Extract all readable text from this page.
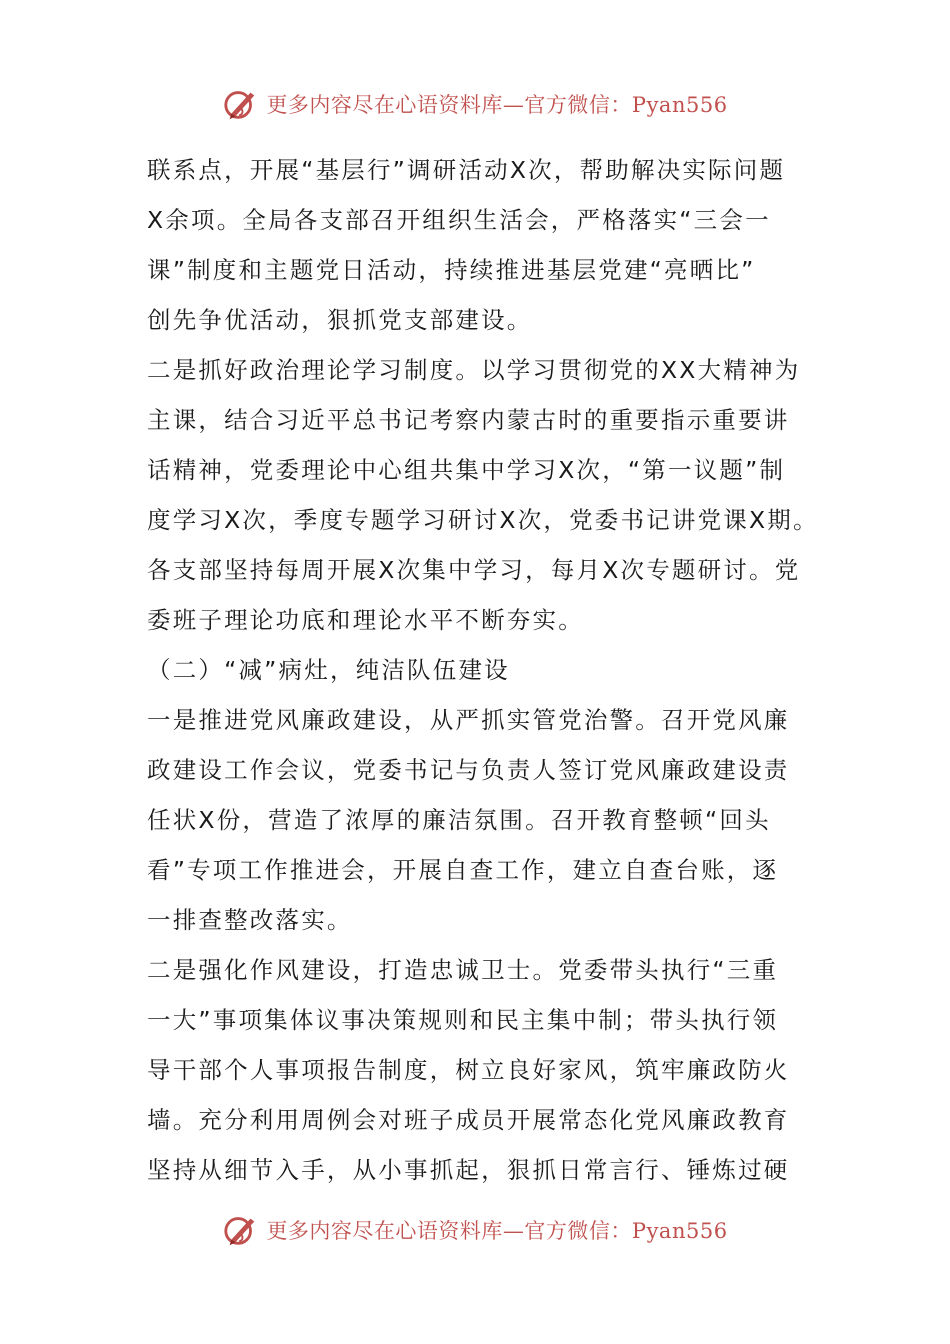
更多内容尽在心语资料库—官方微信：Pyan556
联系点，开展“基层行”调研活动X次，帮助解决实际问题
X余项。全局各支部召开组织生活会，严格落实“三会一
课”制度和主题党日活动，持续推进基层党建“亮晒比”
创先争优活动，狠抓党支部建设。
二是抓好政治理论学习制度。以学习贯彻党的XX大精神为
主课，结合习近平总书记考察内蒙古时的重要指示重要讲
话精神，党委理论中心组共集中学习X次，“第一议题”制
度学习X次，季度专题学习研讨X次，党委书记讲党课X期。
各支部坚持每周开展X次集中学习，每月X次专题研讨。党
委班子理论功底和理论水平不断夯实。
（二）“减”病灶，纯洁队伍建设
一是推进党风廉政建设，从严抓实管党治警。召开党风廉
政建设工作会议，党委书记与负责人签订党风廉政建设责
任状X份，营造了浓厚的廉洁氛围。召开教育整顿“回头
看”专项工作推进会，开展自查工作，建立自查台账，逐
一排查整改落实。
二是强化作风建设，打造忠诚卫士。党委带头执行“三重
一大”事项集体议事决策规则和民主集中制；带头执行领
导干部个人事项报告制度，树立良好家风，筑牢廉政防火
墙。充分利用周例会对班子成员开展常态化党风廉政教育
坚持从细节入手，从小事抓起，狠抓日常言行、锤炼过硬
更多内容尽在心语资料库—官方微信：Pyan556
